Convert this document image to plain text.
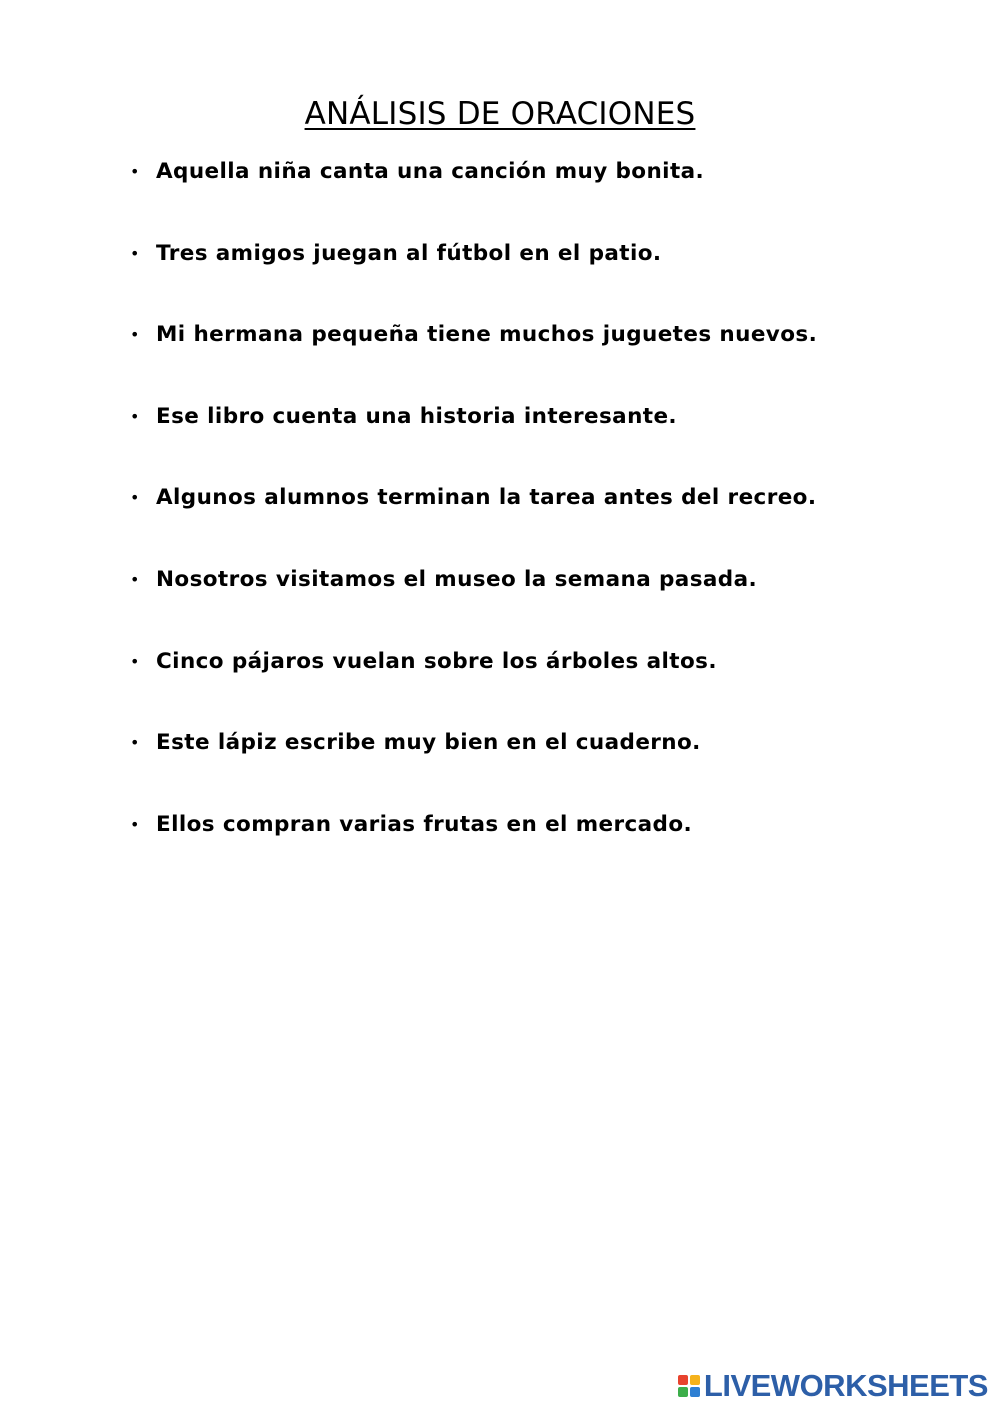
ANÁLISIS DE ORACIONES
• Aquella niña canta una canción muy bonita.
• Tres amigos juegan al fútbol en el patio.
• Mi hermana pequeña tiene muchos juguetes nuevos.
• Ese libro cuenta una historia interesante.
• Algunos alumnos terminan la tarea antes del recreo.
• Nosotros visitamos el museo la semana pasada.
• Cinco pájaros vuelan sobre los árboles altos.
• Este lápiz escribe muy bien en el cuaderno.
• Ellos compran varias frutas en el mercado.
LIVEWORKSHEETS
